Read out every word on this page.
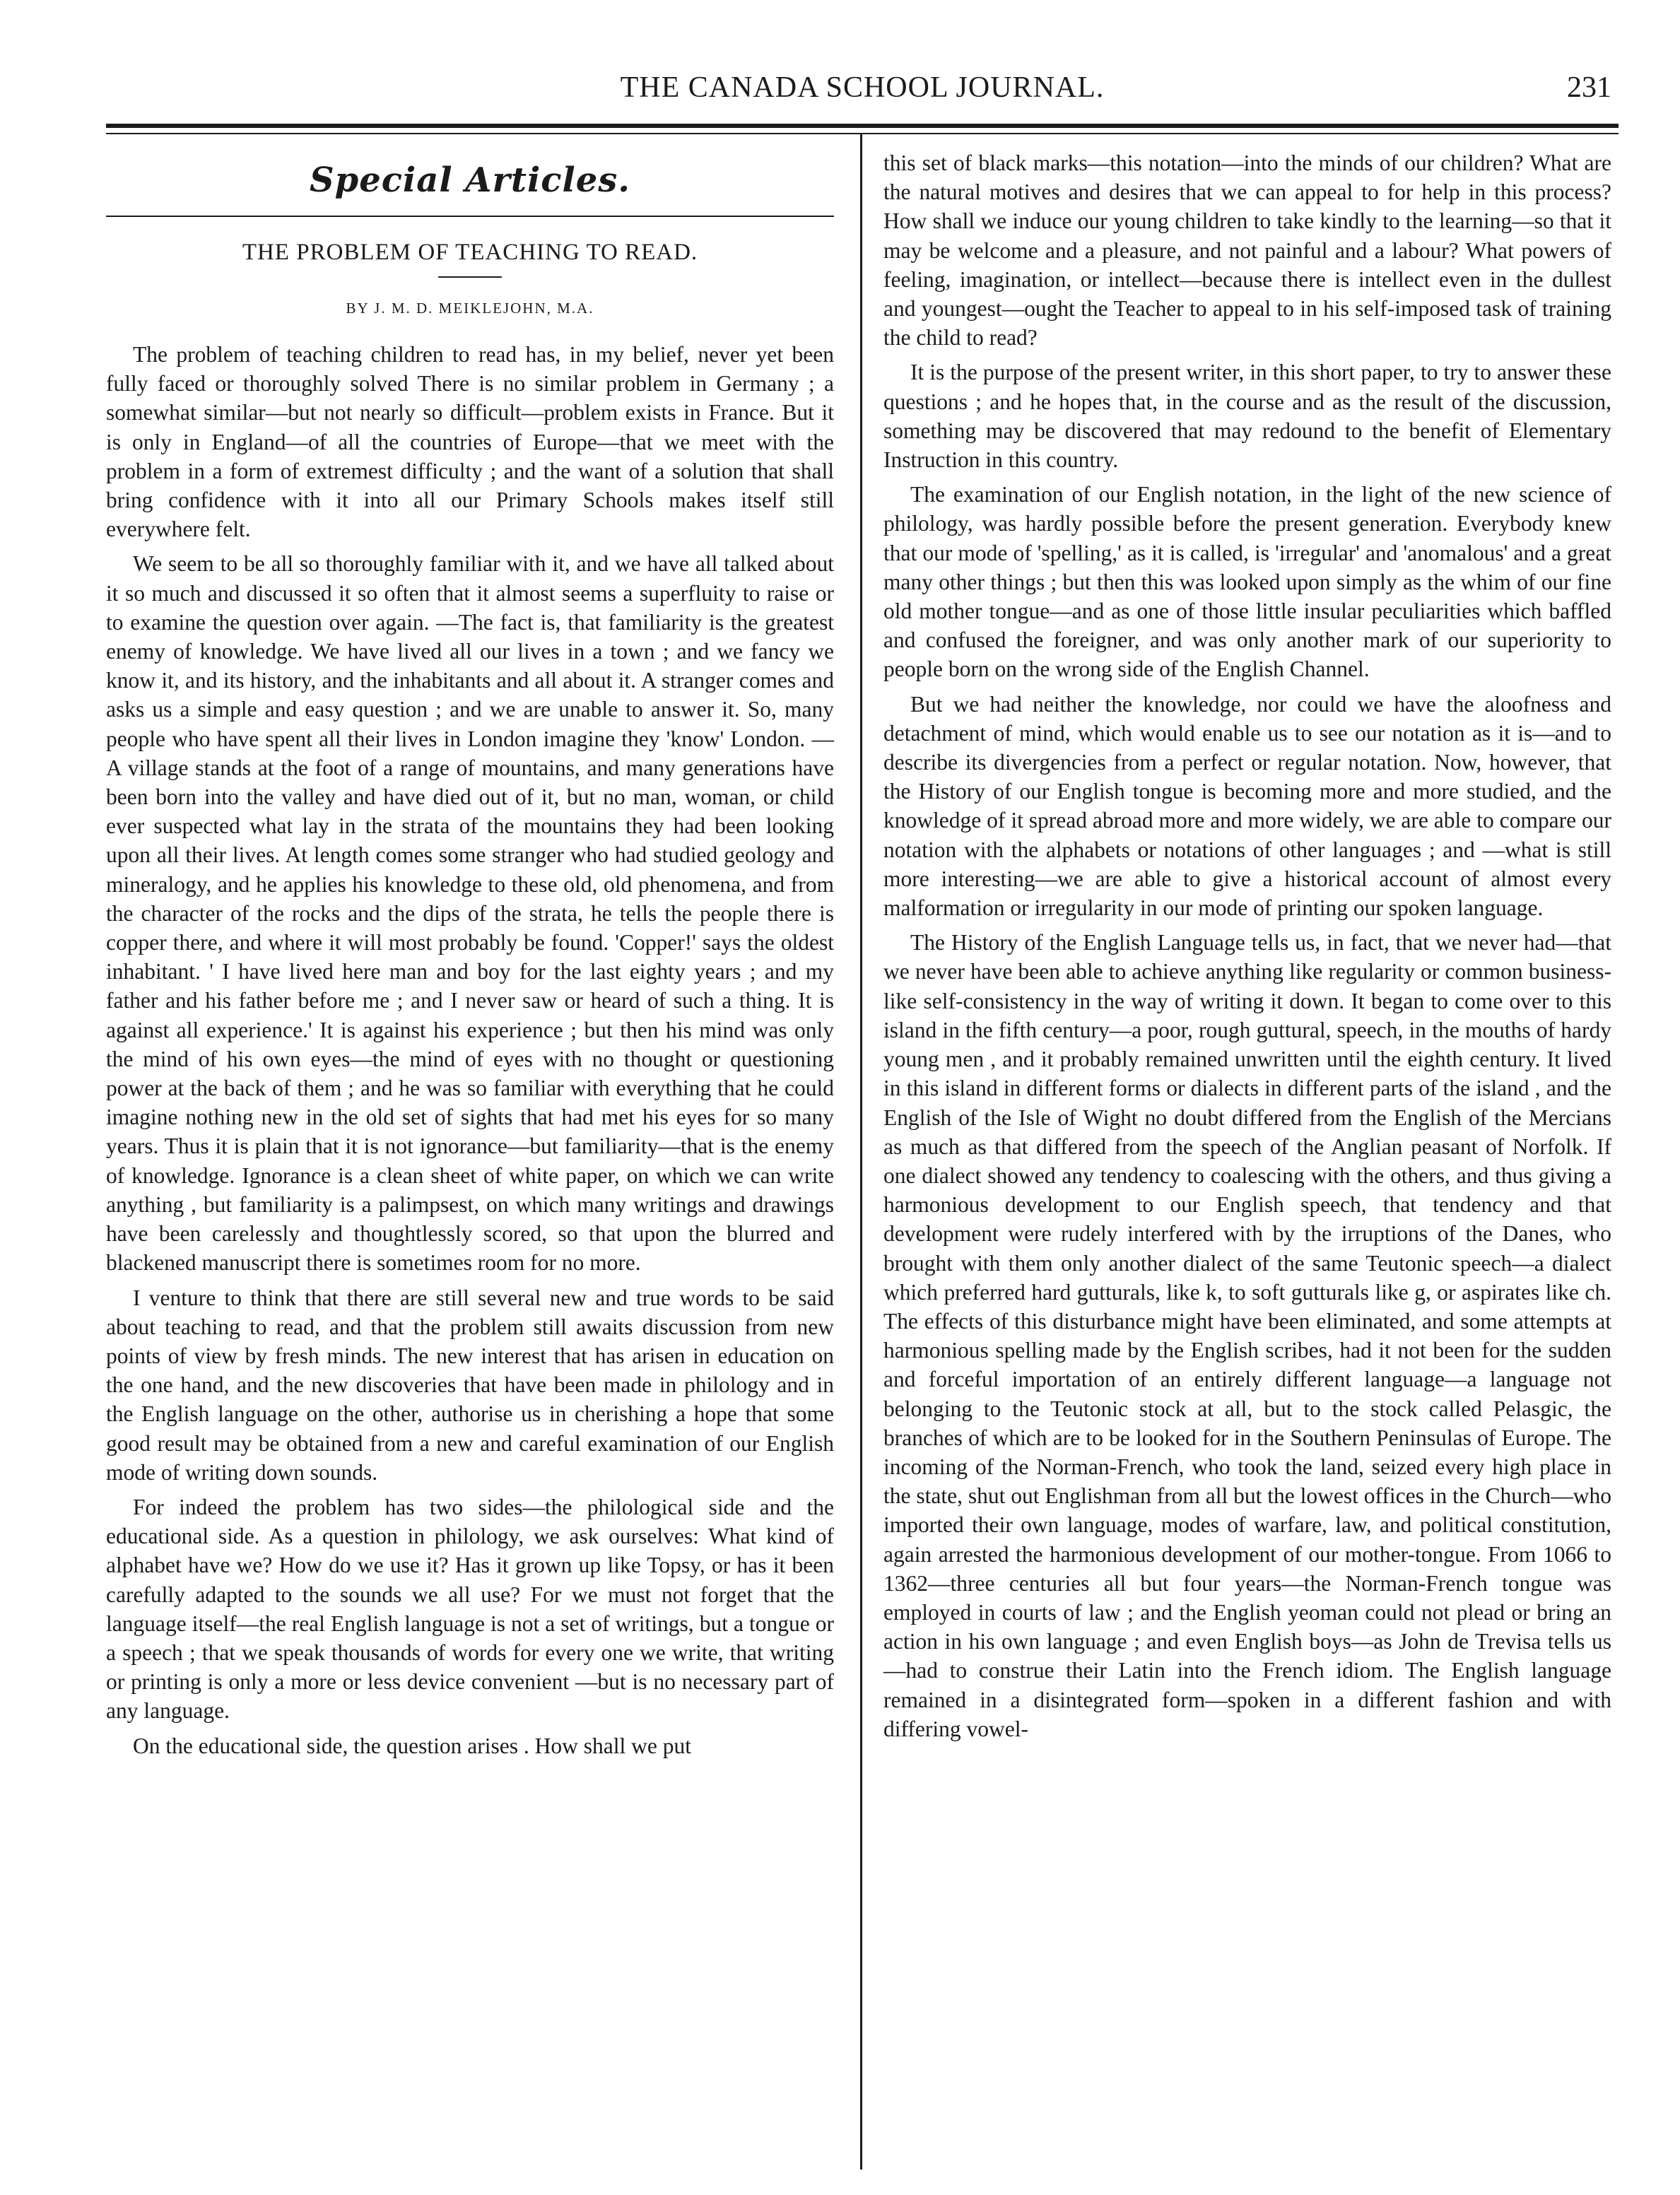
THE CANADA SCHOOL JOURNAL.	231
Special Articles.
THE PROBLEM OF TEACHING TO READ.
BY J. M. D. MEIKLEJOHN, M.A.

The problem of teaching children to read has, in my belief, never yet been fully faced or thoroughly solved There is no similar problem in Germany ; a somewhat similar—but not nearly so difficult—problem exists in France. But it is only in England—of all the countries of Europe—that we meet with the problem in a form of extremest difficulty ; and the want of a solution that shall bring confidence with it into all our Primary Schools makes itself still everywhere felt.

We seem to be all so thoroughly familiar with it, and we have all talked about it so much and discussed it so often that it almost seems a superfluity to raise or to examine the question over again. —The fact is, that familiarity is the greatest enemy of knowledge. We have lived all our lives in a town ; and we fancy we know it, and its history, and the inhabitants and all about it. A stranger comes and asks us a simple and easy question ; and we are unable to answer it. So, many people who have spent all their lives in London imagine they 'know' London. — A village stands at the foot of a range of mountains, and many generations have been born into the valley and have died out of it, but no man, woman, or child ever suspected what lay in the strata of the mountains they had been looking upon all their lives. At length comes some stranger who had studied geology and mineralogy, and he applies his knowledge to these old, old phenomena, and from the character of the rocks and the dips of the strata, he tells the people there is copper there, and where it will most probably be found. 'Copper!' says the oldest inhabitant. ' I have lived here man and boy for the last eighty years ; and my father and his father before me ; and I never saw or heard of such a thing. It is against all experience.' It is against his experience ; but then his mind was only the mind of his own eyes—the mind of eyes with no thought or questioning power at the back of them ; and he was so familiar with everything that he could imagine nothing new in the old set of sights that had met his eyes for so many years. Thus it is plain that it is not ignorance—but familiarity—that is the enemy of knowledge. Ignorance is a clean sheet of white paper, on which we can write anything , but familiarity is a palimpsest, on which many writings and drawings have been carelessly and thoughtlessly scored, so that upon the blurred and blackened manuscript there is sometimes room for no more.

I venture to think that there are still several new and true words to be said about teaching to read, and that the problem still awaits discussion from new points of view by fresh minds. The new interest that has arisen in education on the one hand, and the new discoveries that have been made in philology and in the English language on the other, authorise us in cherishing a hope that some good result may be obtained from a new and careful examination of our English mode of writing down sounds.

For indeed the problem has two sides—the philological side and the educational side. As a question in philology, we ask ourselves: What kind of alphabet have we? How do we use it? Has it grown up like Topsy, or has it been carefully adapted to the sounds we all use? For we must not forget that the language itself—the real English language is not a set of writings, but a tongue or a speech ; that we speak thousands of words for every one we write, that writing or printing is only a more or less device convenient —but is no necessary part of any language.

On the educational side, the question arises . How shall we put

this set of black marks—this notation—into the minds of our children? What are the natural motives and desires that we can appeal to for help in this process? How shall we induce our young children to take kindly to the learning—so that it may be welcome and a pleasure, and not painful and a labour? What powers of feeling, imagination, or intellect—because there is intellect even in the dullest and youngest—ought the Teacher to appeal to in his self-imposed task of training the child to read?

It is the purpose of the present writer, in this short paper, to try to answer these questions ; and he hopes that, in the course and as the result of the discussion, something may be discovered that may redound to the benefit of Elementary Instruction in this country.

The examination of our English notation, in the light of the new science of philology, was hardly possible before the present generation. Everybody knew that our mode of 'spelling,' as it is called, is 'irregular' and 'anomalous' and a great many other things ; but then this was looked upon simply as the whim of our fine old mother tongue—and as one of those little insular peculiarities which baffled and confused the foreigner, and was only another mark of our superiority to people born on the wrong side of the English Channel.

But we had neither the knowledge, nor could we have the aloofness and detachment of mind, which would enable us to see our notation as it is—and to describe its divergencies from a perfect or regular notation. Now, however, that the History of our English tongue is becoming more and more studied, and the knowledge of it spread abroad more and more widely, we are able to compare our notation with the alphabets or notations of other languages ; and —what is still more interesting—we are able to give a historical account of almost every malformation or irregularity in our mode of printing our spoken language.

The History of the English Language tells us, in fact, that we never had—that we never have been able to achieve anything like regularity or common business-like self-consistency in the way of writing it down. It began to come over to this island in the fifth century—a poor, rough guttural, speech, in the mouths of hardy young men , and it probably remained unwritten until the eighth century. It lived in this island in different forms or dialects in different parts of the island , and the English of the Isle of Wight no doubt differed from the English of the Mercians as much as that differed from the speech of the Anglian peasant of Norfolk. If one dialect showed any tendency to coalescing with the others, and thus giving a harmonious development to our English speech, that tendency and that development were rudely interfered with by the irruptions of the Danes, who brought with them only another dialect of the same Teutonic speech—a dialect which preferred hard gutturals, like k, to soft gutturals like g, or aspirates like ch. The effects of this disturbance might have been eliminated, and some attempts at harmonious spelling made by the English scribes, had it not been for the sudden and forceful importation of an entirely different language—a language not belonging to the Teutonic stock at all, but to the stock called Pelasgic, the branches of which are to be looked for in the Southern Peninsulas of Europe. The incoming of the Norman-French, who took the land, seized every high place in the state, shut out Englishman from all but the lowest offices in the Church—who imported their own language, modes of warfare, law, and political constitution, again arrested the harmonious development of our mother-tongue. From 1066 to 1362—three centuries all but four years—the Norman-French tongue was employed in courts of law ; and the English yeoman could not plead or bring an action in his own language ; and even English boys—as John de Trevisa tells us—had to construe their Latin into the French idiom. The English language remained in a disintegrated form—spoken in a different fashion and with differing vowel-
